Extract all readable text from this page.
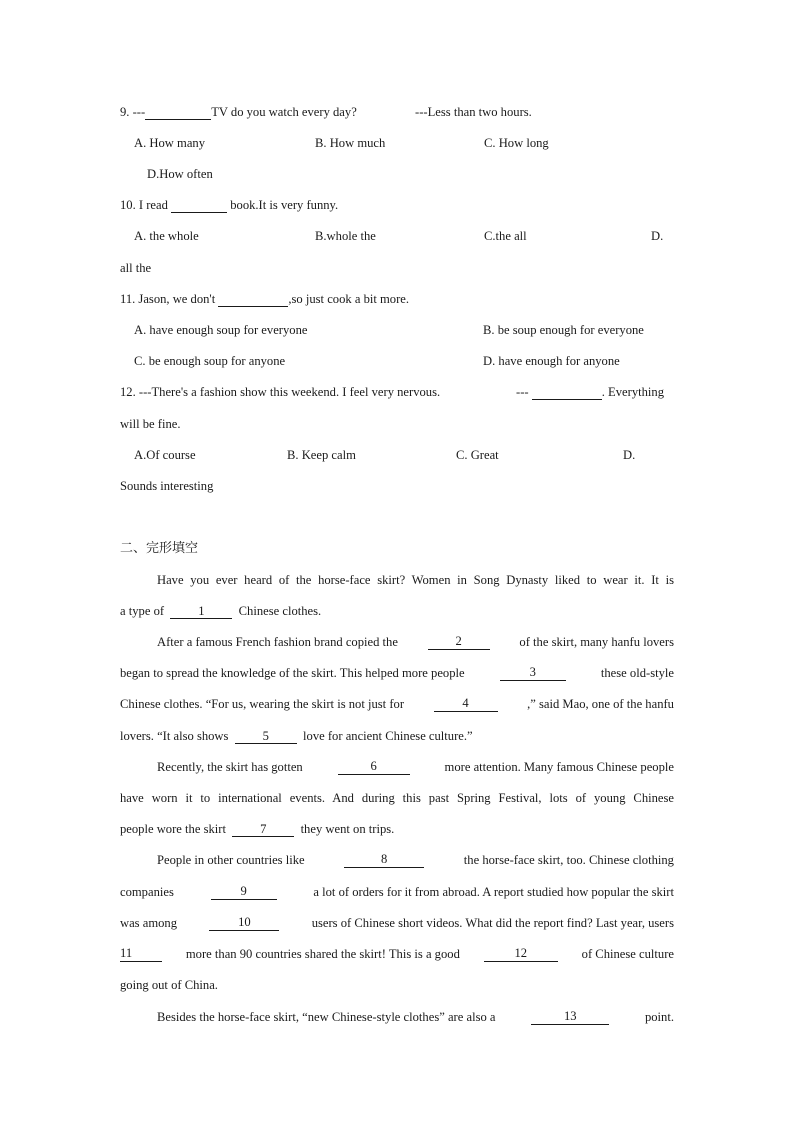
9. ---	TV do you watch every day?	---Less than two hours.
A. How many	B. How much	C. How long
D.How often
10. I read	book.It is very funny.
A. the whole	B.whole the	C.the all	D.
all the
11. Jason, we don't	,so just cook a bit more.
A. have enough soup for everyone	B. be soup enough for everyone
C. be enough soup for anyone	D. have enough for anyone
12. ---There's a fashion show this weekend. I feel very nervous.	---	. Everything
will be fine.
A.Of course	B. Keep calm	C. Great	D.
Sounds interesting
二、完形填空
Have you ever heard of the horse-face skirt? Women in Song Dynasty liked to wear it. It is
a type of	1	Chinese clothes.
After a famous French fashion brand copied the	2	of the skirt, many hanfu lovers
began to spread the knowledge of the skirt. This helped more people	3	these old-style
Chinese clothes. “For us, wearing the skirt is not just for	4	,” said Mao, one of the hanfu
lovers. “It also shows	5	love for ancient Chinese culture.”
Recently, the skirt has gotten	6	more attention. Many famous Chinese people
have worn it to international events. And during this past Spring Festival, lots of young Chinese
people wore the skirt	7	they went on trips.
People in other countries like	8	the horse-face skirt, too. Chinese clothing
companies	9	a lot of orders for it from abroad. A report studied how popular the skirt
was among	10	users of Chinese short videos. What did the report find? Last year, users
11	more than 90 countries shared the skirt! This is a good	12	of Chinese culture
going out of China.
Besides the horse-face skirt, “new Chinese-style clothes” are also a	13	point.
